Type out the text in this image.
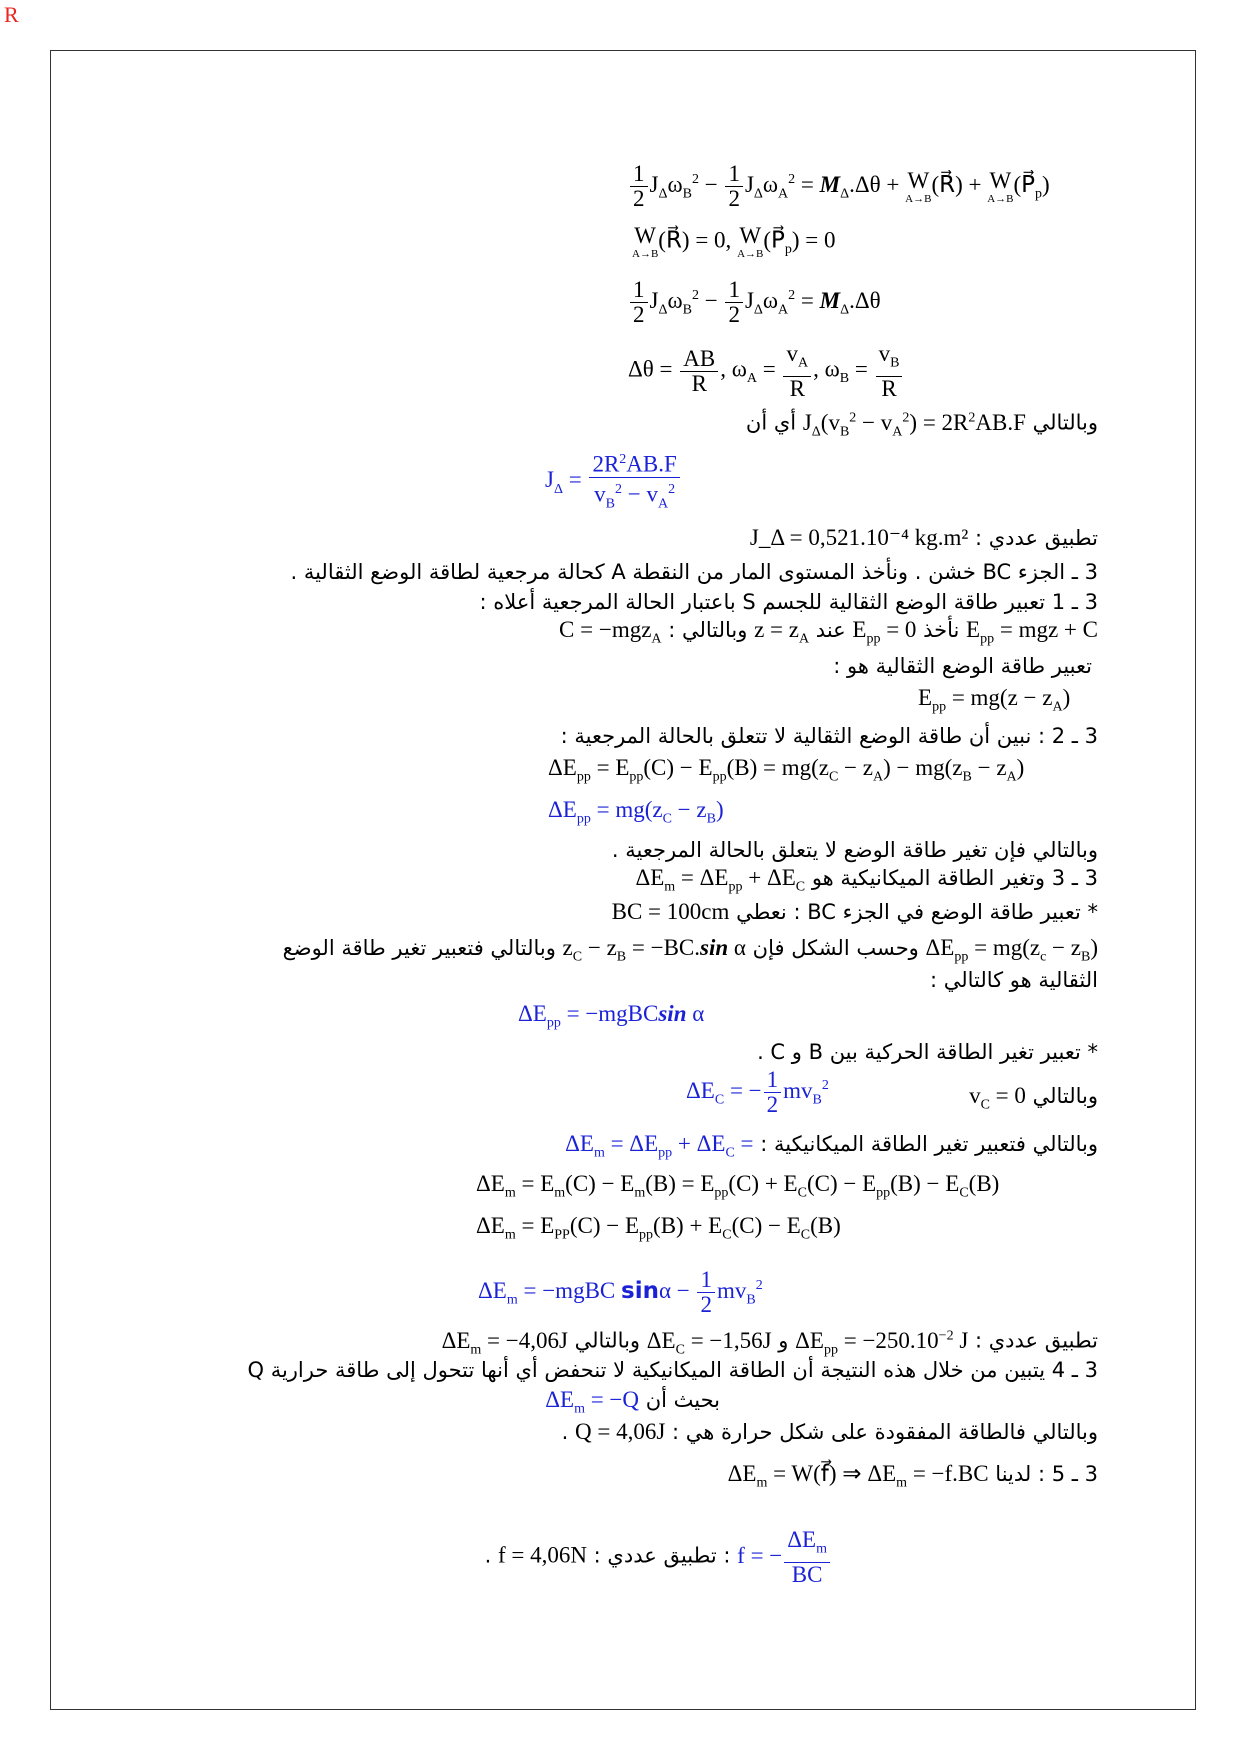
R
$\frac{1}{2} J_\Delta\omega_B^2 - \frac{1}{2} J_\Delta\omega_A^2 = M_\Delta.\Delta\theta + W$
A→B
(R⃗) + W
A→B
$(P⃗_p)$
W
A→B
(R⃗) = 0, W
A→B
$(P⃗_p) = 0$
$\frac{1}{2} J_\Delta\omega_B^2 - \frac{1}{2} J_\Delta\omega_A^2 = M_\Delta.\Delta\theta$
$\Delta\theta = \frac{AB}{R}$ , $\omega_A = \frac{v_A}{R}$ , $\omega_B = \frac{v_B}{R}$
وبالتالي $J_\Delta(v_B^2 - v_A^2) = 2R^2AB.F$ أي أن
$J_\Delta = \frac{2R^2AB.F}{v_B^2 - v_A^2}$
تطبيق عددي : J_Δ = 0,521.10⁻⁴ kg.m²
3 ـ الجزء BC خشن . ونأخذ المستوى المار من النقطة A كحالة مرجعية لطاقة الوضع الثقالية .
3 ـ 1 تعبير طاقة الوضع الثقالية للجسم S باعتبار الحالة المرجعية أعلاه :
$E_{pp}$ = mgz + C نأخذ $E_{pp} = 0$ عند $z = z_A$ وبالتالي : C = −mgz$_A$
تعبير طاقة الوضع الثقالية هو :
$E_{pp} = mg(z - z_A)$
3 ـ 2 : نبين أن طاقة الوضع الثقالية لا تتعلق بالحالة المرجعية :
$\Delta E_{pp} = E_{pp}(C) - E_{pp}(B) = mg(z_C - z_A) - mg(z_B - z_A)$
$\Delta E_{pp} = mg(z_C - z_B)$
وبالتالي فإن تغير طاقة الوضع لا يتعلق بالحالة المرجعية .
3 ـ 3 وتغير الطاقة الميكانيكية هو $\Delta E_m = \Delta E_{pp} + \Delta E_C$
* تعبير طاقة الوضع في الجزء BC : نعطي BC = 100cm
$\Delta E_{pp} = mg(z_c - z_B)$ وحسب الشكل فإن $z_C - z_B = -BC.\sin$ α وبالتالي فتعبير تغير طاقة الوضع
الثقالية هو كالتالي :
$\Delta E_{pp}$ = −mgBCsin α
* تعبير تغير الطاقة الحركية بين B و C .
$\Delta E_C$ = − $\frac{1}{2} mv_B^2$	وبالتالي $v_C = 0$
وبالتالي فتعبير تغير الطاقة الميكانيكية : $\Delta E_m = \Delta E_{pp} + \Delta E_C$ =
$\Delta E_m = E_m(C) - E_m(B) = E_{pp}(C) + E_C(C) - E_{pp}(B) - E_C(B)$
$\Delta E_m = E_{PP}(C) - E_{pp}(B) + E_C(C) - E_C(B)$
$\Delta E_m$ = −mgBC $\sin\alpha - \frac{1}{2} mv_B^2$
تطبيق عددي : $\Delta E_{pp} = -250.10^{-2}$ J و $\Delta E_C = -1,56J$ وبالتالي $\Delta E_m = -4,06J$
3 ـ 4 يتبين من خلال هذه النتيجة أن الطاقة الميكانيكية لا تنحفض أي أنها تتحول إلى طاقة حرارية Q
بحيث أن $\Delta E_m = -Q$
وبالتالي فالطاقة المفقودة على شكل حرارة هي : Q = 4,06J .
3 ـ 5 : لدينا $\Delta E_m$ = W(f⃗) ⇒ $\Delta E_m = -f.BC$
f = − $\frac{\Delta E_m}{BC}$
: تطبيق عددي : f = 4,06N .
